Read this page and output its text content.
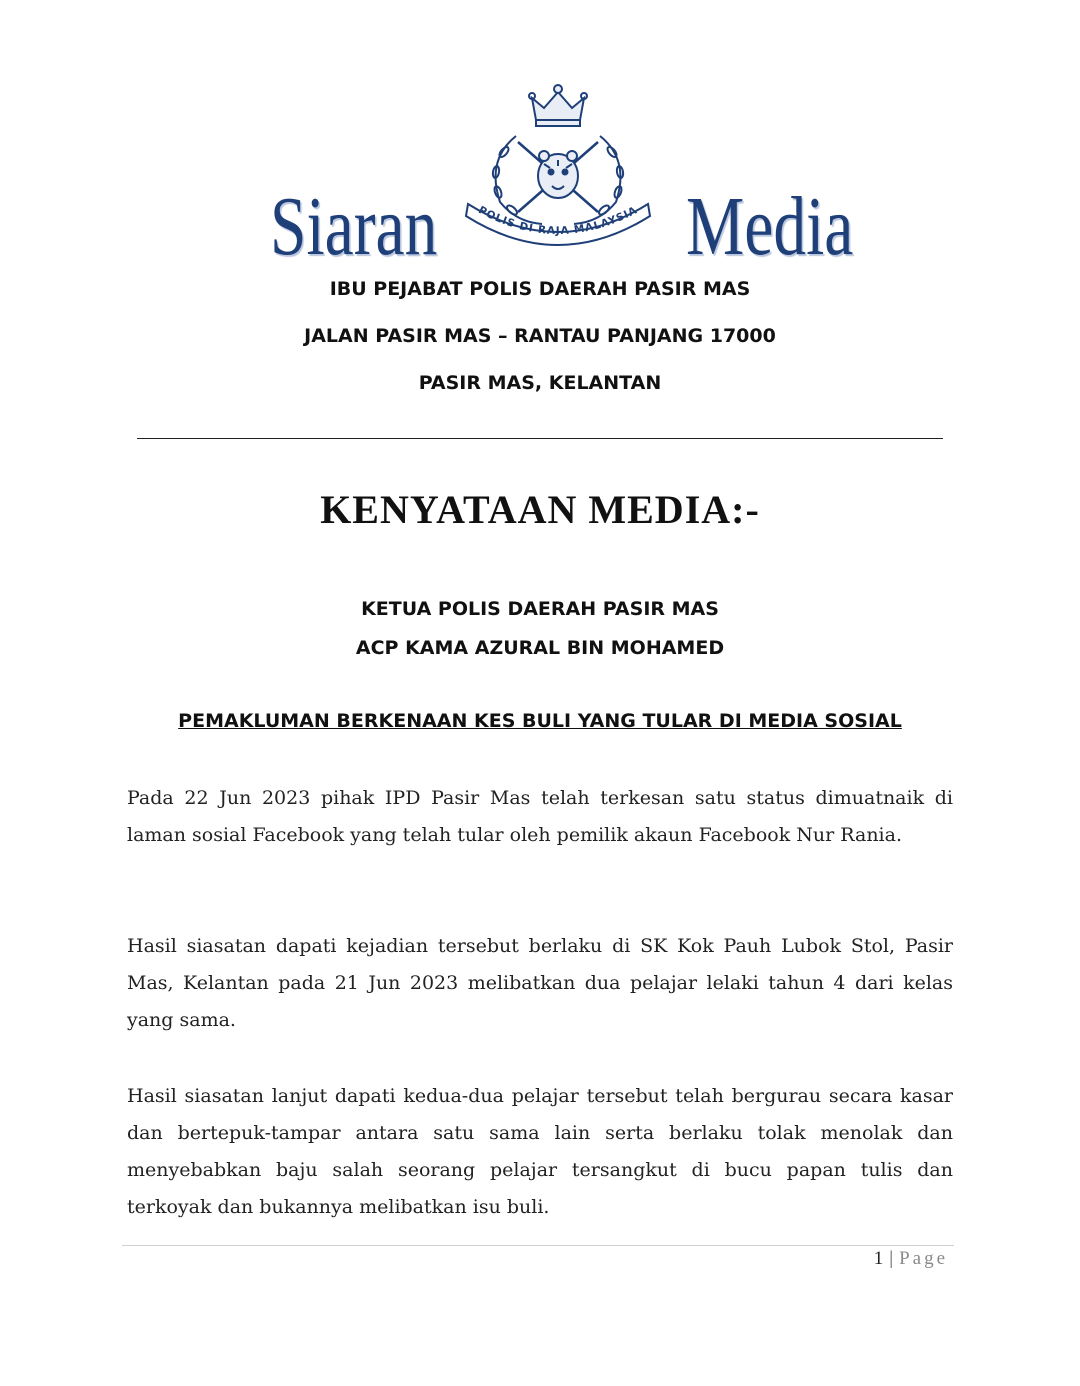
Siaran	POLIS DI RAJA MALAYSIA Media
IBU PEJABAT POLIS DAERAH PASIR MAS
JALAN PASIR MAS – RANTAU PANJANG 17000
PASIR MAS, KELANTAN
KENYATAAN MEDIA:-
KETUA POLIS DAERAH PASIR MAS
ACP KAMA AZURAL BIN MOHAMED
PEMAKLUMAN BERKENAAN KES BULI YANG TULAR DI MEDIA SOSIAL

Pada 22 Jun 2023 pihak IPD Pasir Mas telah terkesan satu status dimuatnaik di laman sosial Facebook yang telah tular oleh pemilik akaun Facebook Nur Rania.

Hasil siasatan dapati kejadian tersebut berlaku di SK Kok Pauh Lubok Stol, Pasir Mas, Kelantan pada 21 Jun 2023 melibatkan dua pelajar lelaki tahun 4 dari kelas yang sama.

Hasil siasatan lanjut dapati kedua-dua pelajar tersebut telah bergurau secara kasar dan bertepuk-tampar antara satu sama lain serta berlaku tolak menolak dan menyebabkan baju salah seorang pelajar tersangkut di bucu papan tulis dan terkoyak dan bukannya melibatkan isu buli.

1 | Page
